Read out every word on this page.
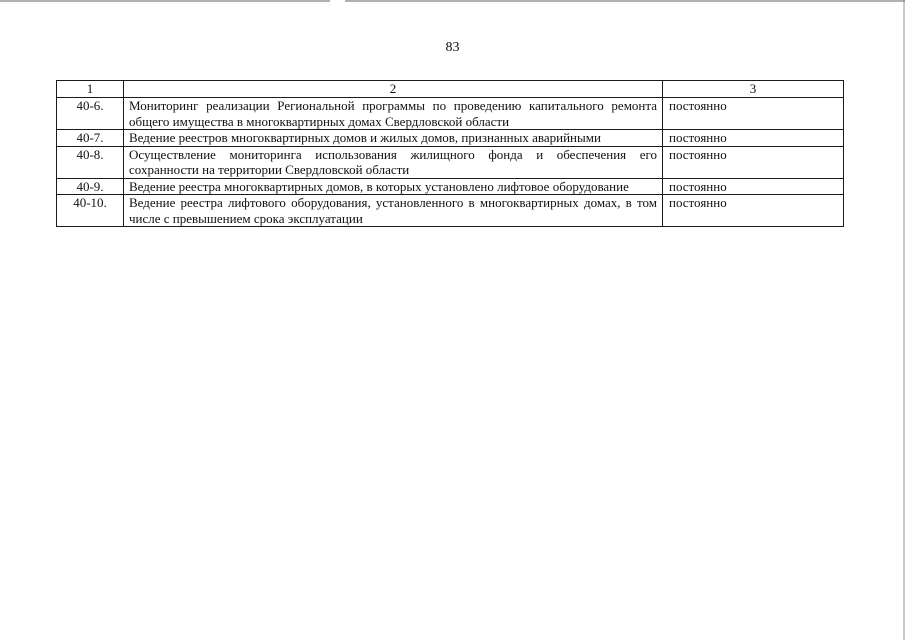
83
1	2	3
40-6.	Мониторинг реализации Региональной программы по проведению капитального ремонта общего имущества в многоквартирных домах Свердловской области	постоянно
40-7.	Ведение реестров многоквартирных домов и жилых домов, признанных аварийными	постоянно
40-8.	Осуществление мониторинга использования жилищного фонда и обеспечения его сохранности на территории Свердловской области	постоянно
40-9.	Ведение реестра многоквартирных домов, в которых установлено лифтовое оборудование	постоянно
40-10.	Ведение реестра лифтового оборудования, установленного в многоквартирных домах, в том числе с превышением срока эксплуатации	постоянно
